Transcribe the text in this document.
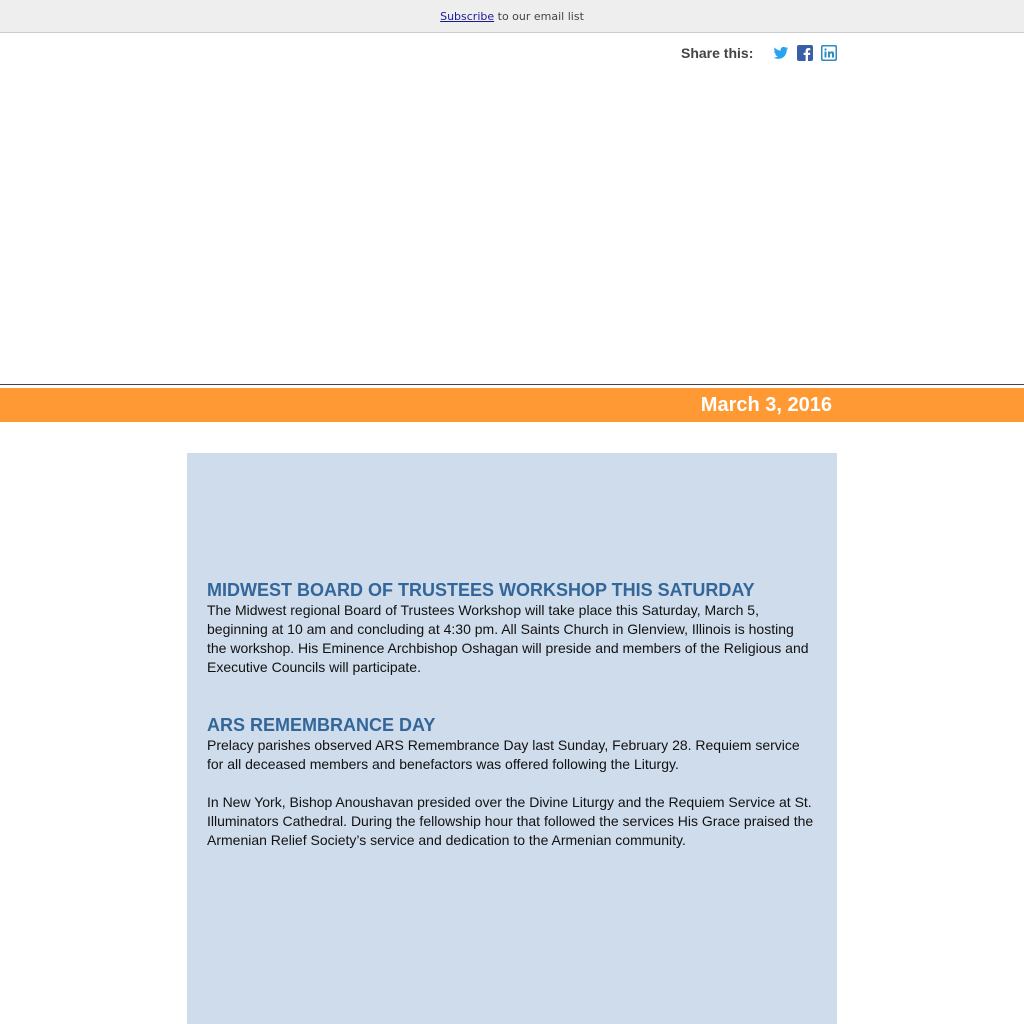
Subscribe to our email list
Share this:
March 3, 2016
MIDWEST BOARD OF TRUSTEES WORKSHOP THIS SATURDAY

The Midwest regional Board of Trustees Workshop will take place this Saturday, March 5, beginning at 10 am and concluding at 4:30 pm. All Saints Church in Glenview, Illinois is hosting the workshop. His Eminence Archbishop Oshagan will preside and members of the Religious and Executive Councils will participate.

ARS REMEMBRANCE DAY

Prelacy parishes observed ARS Remembrance Day last Sunday, February 28. Requiem service for all deceased members and benefactors was offered following the Liturgy.

In New York, Bishop Anoushavan presided over the Divine Liturgy and the Requiem Service at St. Illuminators Cathedral. During the fellowship hour that followed the services His Grace praised the Armenian Relief Society’s service and dedication to the Armenian community.
